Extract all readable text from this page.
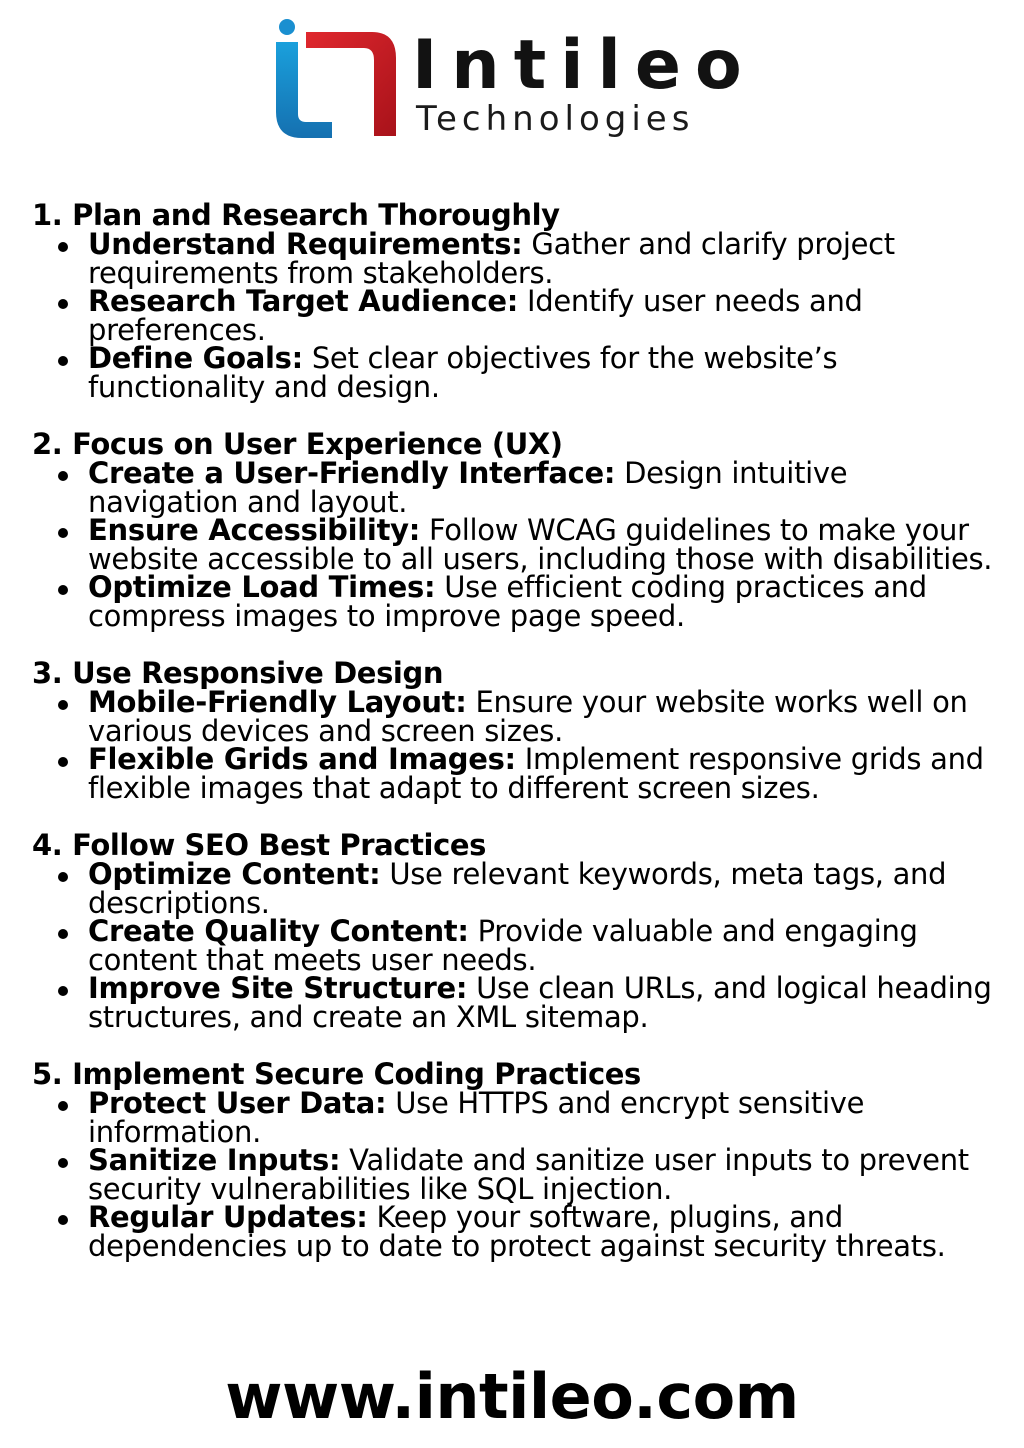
Intileo
Technologies
1. Plan and Research Thoroughly
Understand Requirements: Gather and clarify project requirements from stakeholders.
Research Target Audience: Identify user needs and preferences.
Define Goals: Set clear objectives for the website’s functionality and design.
2. Focus on User Experience (UX)
Create a User-Friendly Interface: Design intuitive navigation and layout.
Ensure Accessibility: Follow WCAG guidelines to make your website accessible to all users, including those with disabilities.
Optimize Load Times: Use efficient coding practices and compress images to improve page speed.
3. Use Responsive Design
Mobile-Friendly Layout: Ensure your website works well on various devices and screen sizes.
Flexible Grids and Images: Implement responsive grids and flexible images that adapt to different screen sizes.
4. Follow SEO Best Practices
Optimize Content: Use relevant keywords, meta tags, and descriptions.
Create Quality Content: Provide valuable and engaging content that meets user needs.
Improve Site Structure: Use clean URLs, and logical heading structures, and create an XML sitemap.
5. Implement Secure Coding Practices
Protect User Data: Use HTTPS and encrypt sensitive information.
Sanitize Inputs: Validate and sanitize user inputs to prevent security vulnerabilities like SQL injection.
Regular Updates: Keep your software, plugins, and dependencies up to date to protect against security threats.
www.intileo.com
